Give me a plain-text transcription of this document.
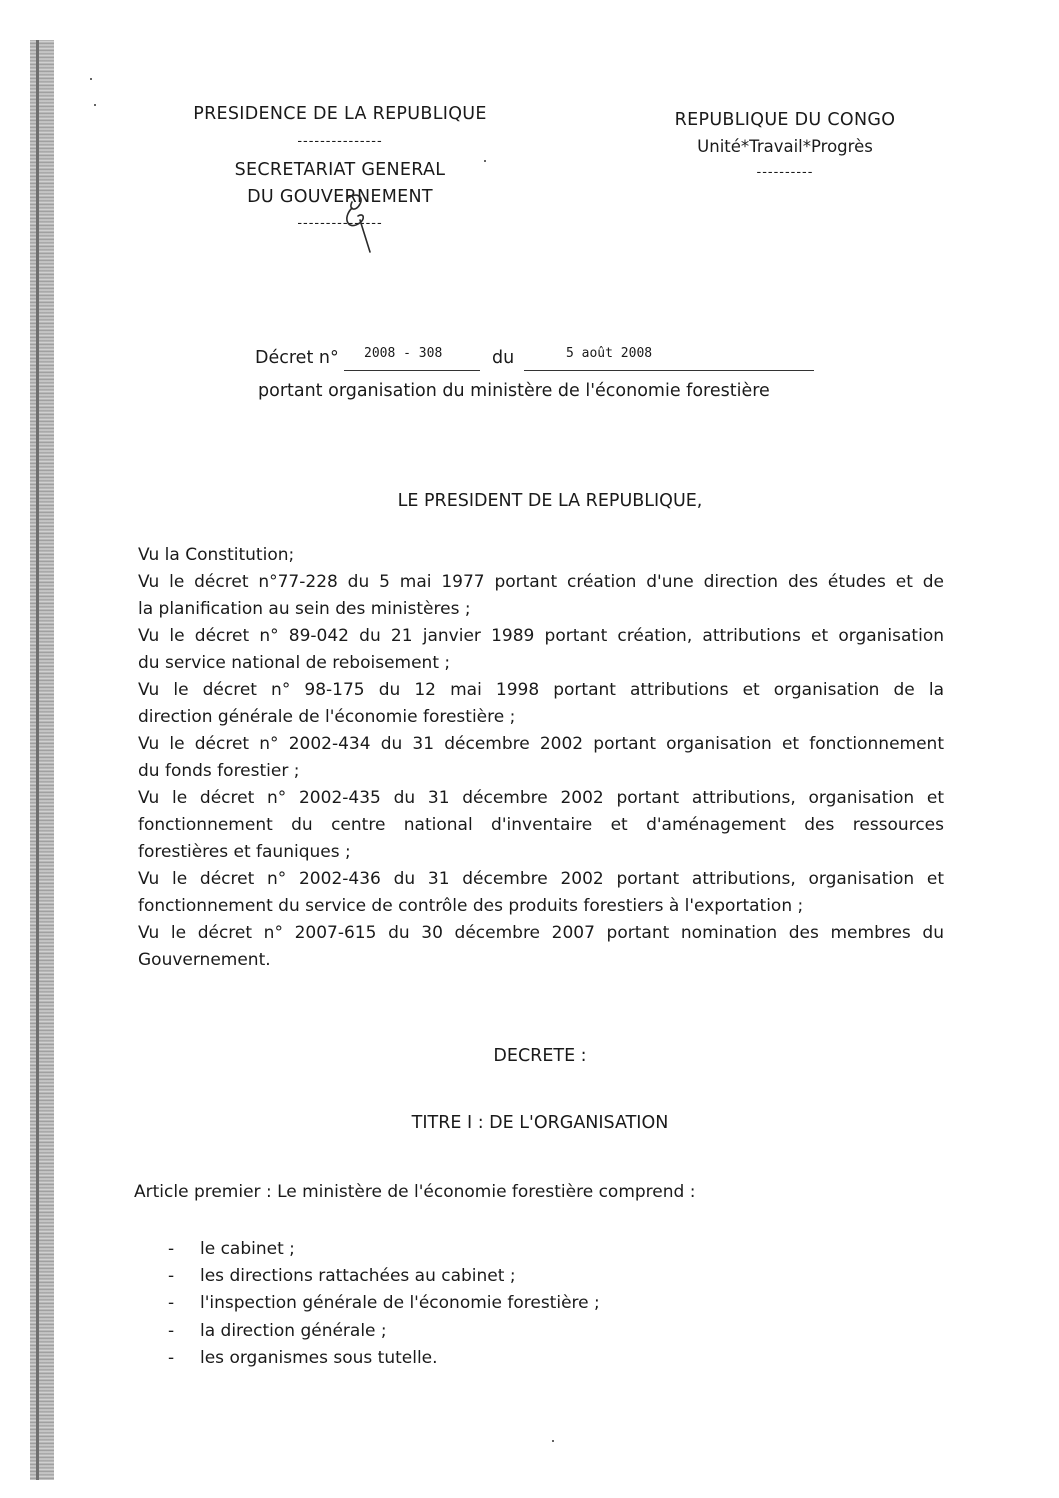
PRESIDENCE DE LA REPUBLIQUE
---------------
SECRETARIAT GENERAL
DU GOUVERNEMENT
---------------
REPUBLIQUE DU CONGO
Unité*Travail*Progrès
----------
Décret n° 2008 - 308	du	5 août 2008
portant organisation du ministère de l'économie forestière
LE PRESIDENT DE LA REPUBLIQUE,
Vu la Constitution;
Vu le décret n°77-228 du 5 mai 1977 portant création d'une direction des études et de
la planification au sein des ministères ;
Vu le décret n° 89-042 du 21 janvier 1989 portant création, attributions et organisation
du service national de reboisement ;
Vu le décret n° 98-175 du 12 mai 1998 portant attributions et organisation de la
direction générale de l'économie forestière ;
Vu le décret n° 2002-434 du 31 décembre 2002 portant organisation et fonctionnement
du fonds forestier ;
Vu le décret n° 2002-435 du 31 décembre 2002 portant attributions, organisation et
fonctionnement du centre national d'inventaire et d'aménagement des ressources
forestières et fauniques ;
Vu le décret n° 2002-436 du 31 décembre 2002 portant attributions, organisation et
fonctionnement du service de contrôle des produits forestiers à l'exportation ;
Vu le décret n° 2007-615 du 30 décembre 2007 portant nomination des membres du
Gouvernement.
DECRETE :
TITRE I : DE L'ORGANISATION
Article premier : Le ministère de l'économie forestière comprend :
- le cabinet ;
- les directions rattachées au cabinet ;
- l'inspection générale de l'économie forestière ;
- la direction générale ;
- les organismes sous tutelle.
